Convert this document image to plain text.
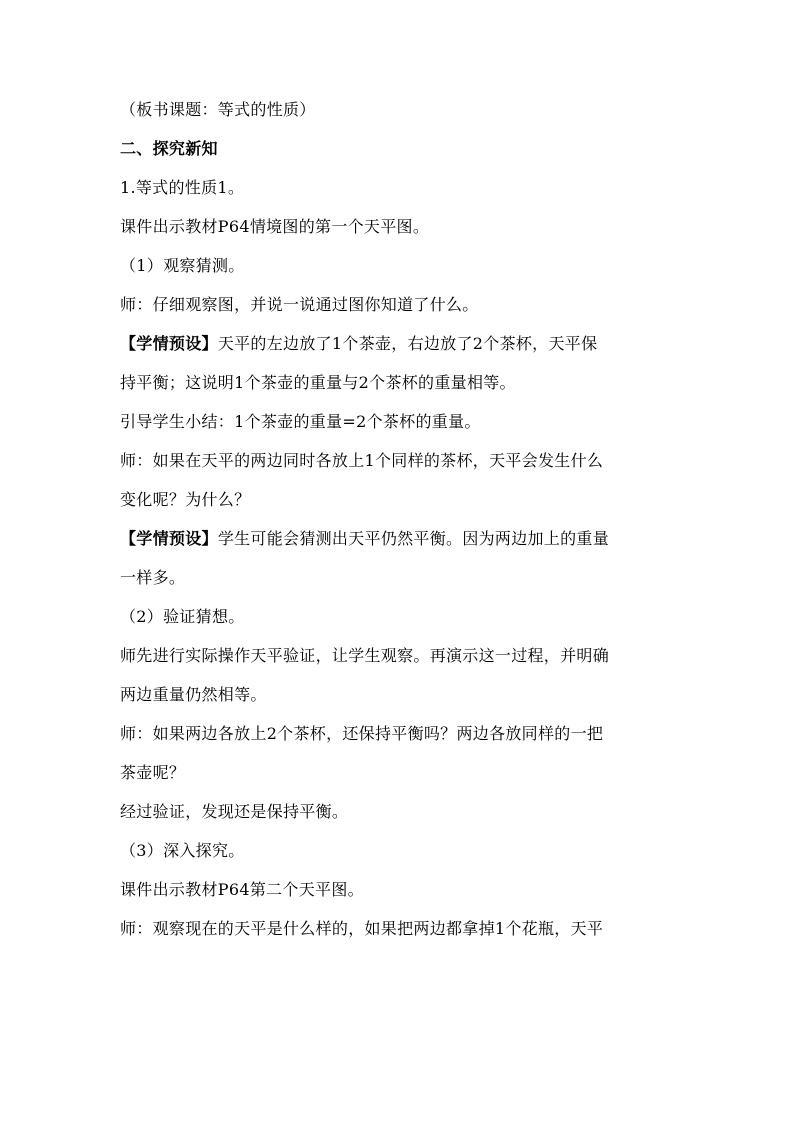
（板书课题：等式的性质）
二、探究新知
1.等式的性质1。
课件出示教材P64情境图的第一个天平图。
（1）观察猜测。
师：仔细观察图，并说一说通过图你知道了什么。
【学情预设】天平的左边放了1个茶壶，右边放了2个茶杯，天平保
持平衡；这说明1个茶壶的重量与2个茶杯的重量相等。
引导学生小结：1个茶壶的重量=2个茶杯的重量。
师：如果在天平的两边同时各放上1个同样的茶杯，天平会发生什么
变化呢？为什么？
【学情预设】学生可能会猜测出天平仍然平衡。因为两边加上的重量
一样多。
（2）验证猜想。
师先进行实际操作天平验证，让学生观察。再演示这一过程，并明确
两边重量仍然相等。
师：如果两边各放上2个茶杯，还保持平衡吗？两边各放同样的一把
茶壶呢？
经过验证，发现还是保持平衡。
（3）深入探究。
课件出示教材P64第二个天平图。
师：观察现在的天平是什么样的，如果把两边都拿掉1个花瓶，天平
